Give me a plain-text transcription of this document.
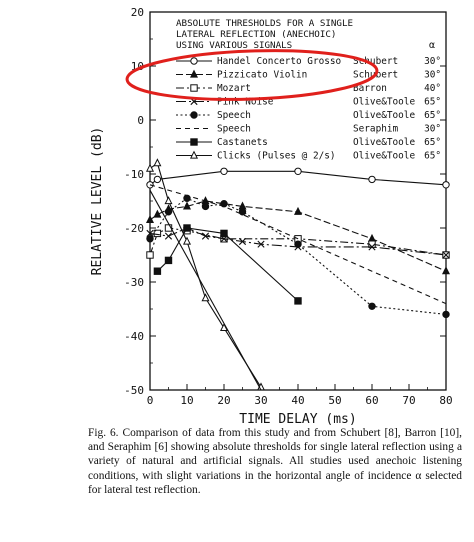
20
10
0
-10
-20
-30
-40
-50
0 10 20 30 40 50 60 70 80
TIME DELAY (ms)
RELATIVE LEVEL (dB)
ABSOLUTE THRESHOLDS FOR A SINGLE
LATERAL REFLECTION (ANECHOIC)
USING VARIOUS SIGNALS	α
Handel Concerto Grosso Schubert	30°
Pizzicato Violin	Schubert	30°
Mozart	Barron	40°
Pink Noise	Olive&Toole 65°
Speech	Olive&Toole 65°
Speech	Seraphim	30°
Castanets	Olive&Toole 65°
Clicks (Pulses @ 2/s) Olive&Toole 65°
Fig. 6. Comparison of data from this study and from Schubert [8], Barron [10], and Seraphim [6] showing absolute thresholds for single lateral reflection using a variety of natural and artificial signals. All studies used anechoic listening conditions, with slight variations in the horizontal angle of incidence α selected for lateral test reflection.
